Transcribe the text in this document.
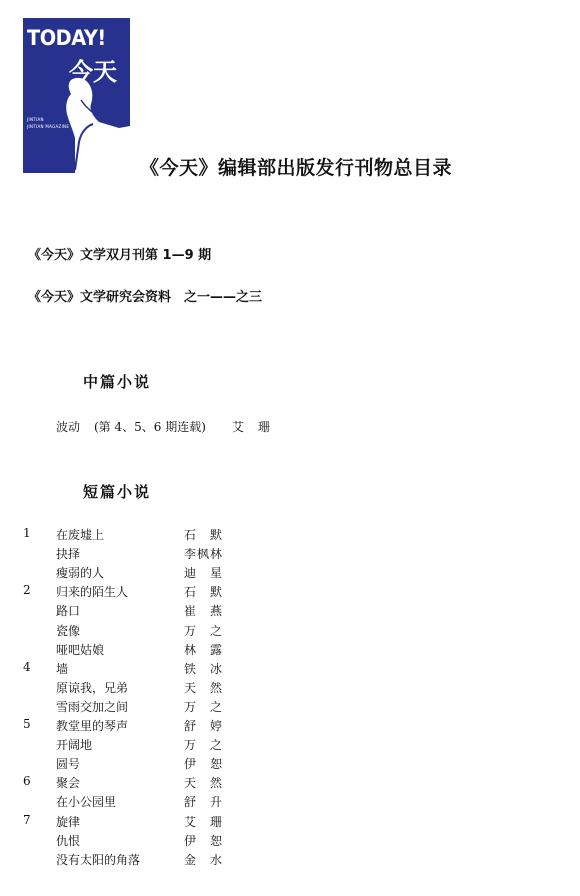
TODAY!
今天
JINTIAN
JINTIAN MAGAZINE
《今天》编辑部出版发行刊物总目录
《今天》文学双月刊第 1—9 期
《今天》文学研究会资料　之一——之三
中篇小说
波动 (第 4、5、6 期连载) 艾　珊
短篇小说
1 在废墟上	石　默
抉择	李枫林
瘦弱的人	迪　星
2 归来的陌生人	石　默
路口	崔　燕
瓷像	万　之
哑吧姑娘	林　露
4 墙	铁　冰
原谅我，兄弟	天　然
雪雨交加之间	万　之
5 教堂里的琴声	舒　婷
开阔地	万　之
圆号	伊　恕
6 聚会	天　然
在小公园里	舒　升
7 旋律	艾　珊
仇恨	伊　恕
没有太阳的角落	金　水
